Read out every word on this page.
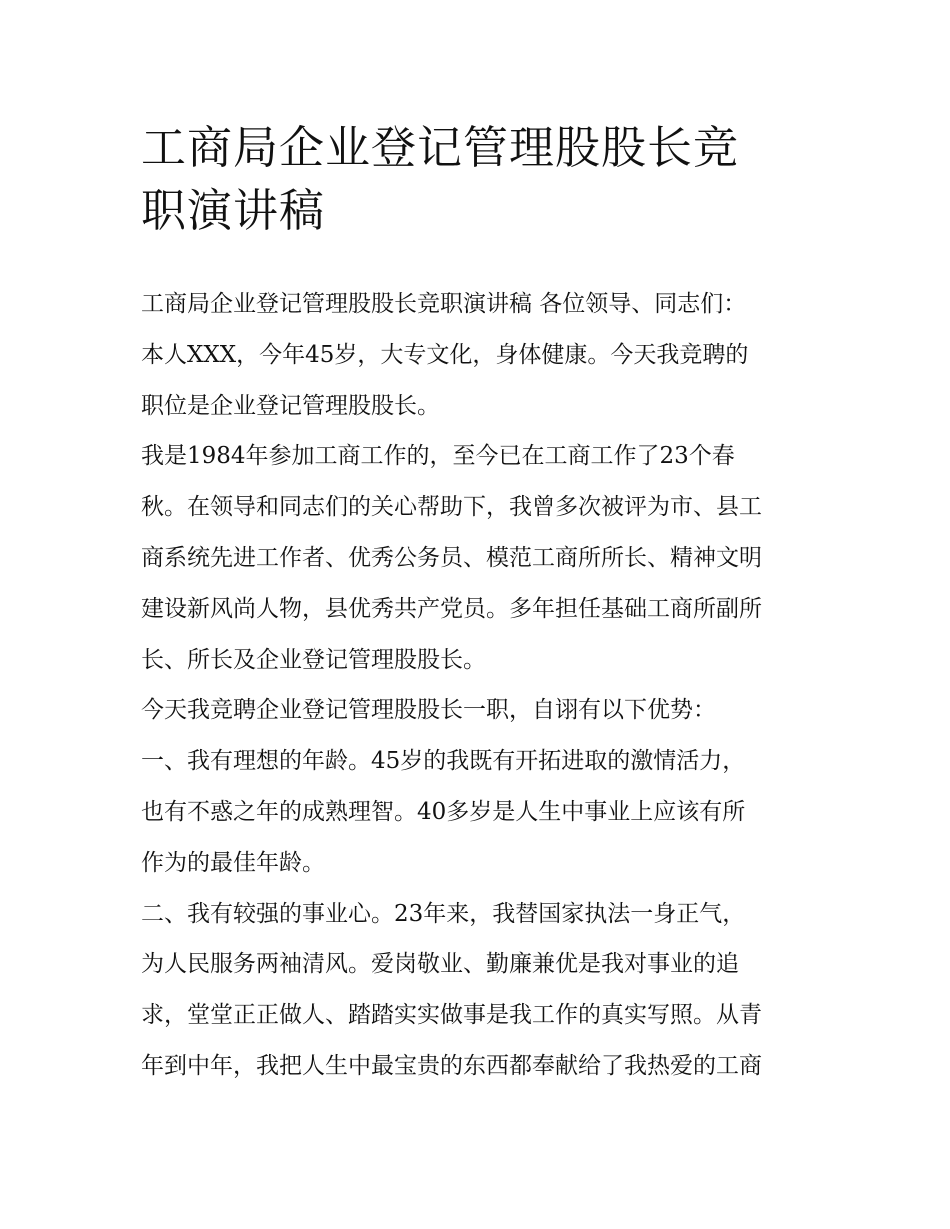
工商局企业登记管理股股长竞
职演讲稿
工商局企业登记管理股股长竞职演讲稿 各位领导、同志们：
本人XXX，今年45岁，大专文化，身体健康。今天我竞聘的
职位是企业登记管理股股长。
我是1984年参加工商工作的，至今已在工商工作了23个春
秋。在领导和同志们的关心帮助下，我曾多次被评为市、县工
商系统先进工作者、优秀公务员、模范工商所所长、精神文明
建设新风尚人物，县优秀共产党员。多年担任基础工商所副所
长、所长及企业登记管理股股长。
今天我竞聘企业登记管理股股长一职，自诩有以下优势：
一、我有理想的年龄。45岁的我既有开拓进取的激情活力，
也有不惑之年的成熟理智。40多岁是人生中事业上应该有所
作为的最佳年龄。
二、我有较强的事业心。23年来，我替国家执法一身正气，
为人民服务两袖清风。爱岗敬业、勤廉兼优是我对事业的追
求，堂堂正正做人、踏踏实实做事是我工作的真实写照。从青
年到中年，我把人生中最宝贵的东西都奉献给了我热爱的工商
